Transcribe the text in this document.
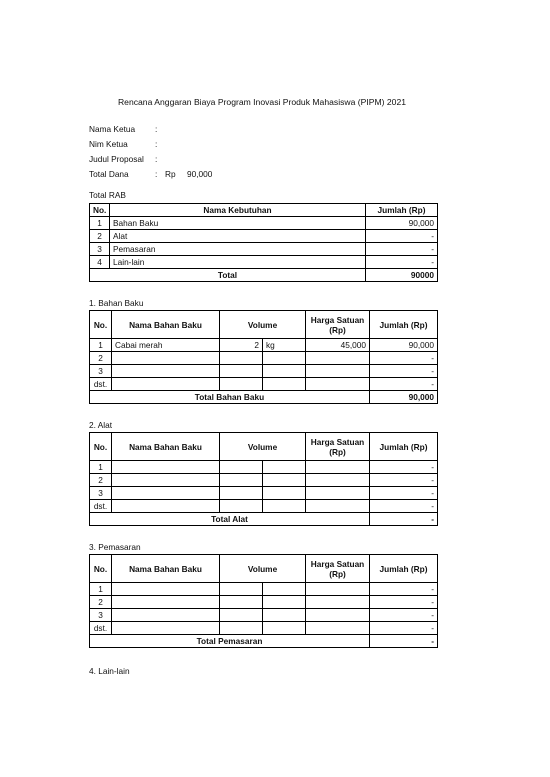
Rencana Anggaran Biaya Program Inovasi Produk Mahasiswa (PIPM) 2021
Nama Ketua	:
Nim Ketua	:
Judul Proposal	:
Total Dana	: Rp	90,000
Total RAB
No.	Nama Kebutuhan	Jumlah (Rp)
1	Bahan Baku	90,000
2	Alat	-
3	Pemasaran	-
4	Lain-lain	-
Total		90000
1. Bahan Baku
No.	Nama Bahan Baku	Volume		Harga Satuan (Rp)	Jumlah (Rp)
1	Cabai merah	2	kg	45,000	90,000
2					-
3					-
dst.					-
Total Bahan Baku					90,000
2. Alat
No.	Nama Bahan Baku	Volume		Harga Satuan (Rp)	Jumlah (Rp)
1					-
2					-
3					-
dst.					-
Total Alat					-
3. Pemasaran
No.	Nama Bahan Baku	Volume		Harga Satuan (Rp)	Jumlah (Rp)
1					-
2					-
3					-
dst.					-
Total Pemasaran					-
4. Lain-lain
